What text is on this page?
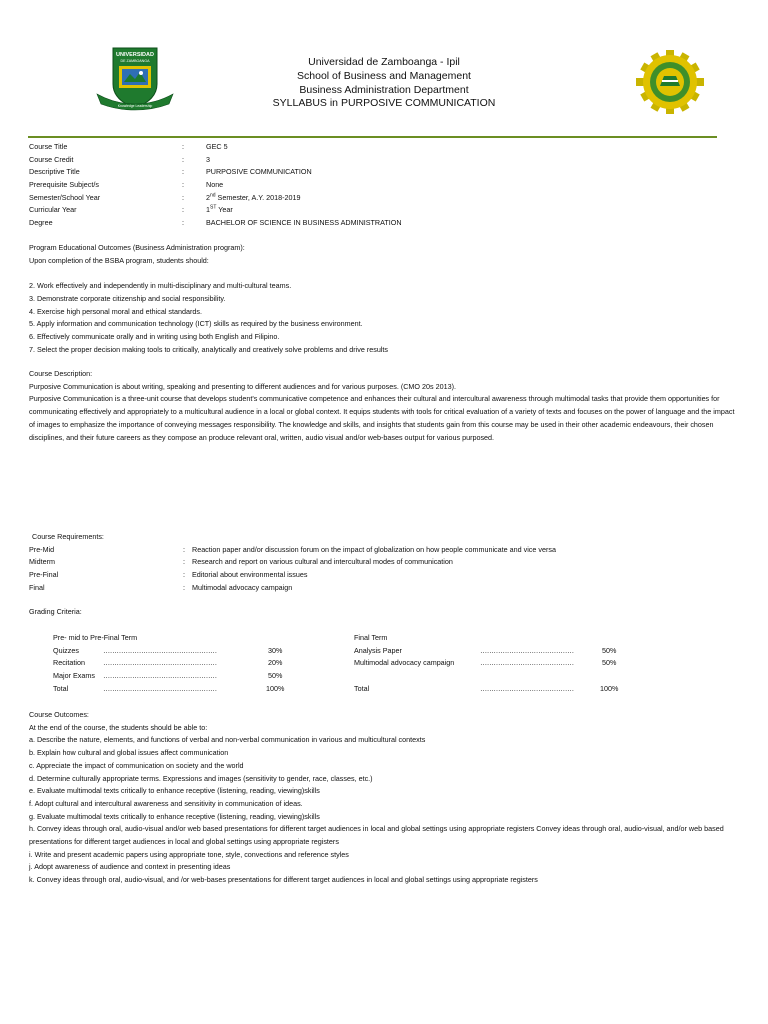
UNIVERSIDAD
DE ZAMBOANGA
Knowledge Leadership
Universidad de Zamboanga - Ipil
School of Business and Management
Business Administration Department
SYLLABUS in PURPOSIVE COMMUNICATION
Course Title	:	GEC 5
Course Credit	:	3
Descriptive Title	:	PURPOSIVE COMMUNICATION
Prerequisite Subject/s	:	None
Semester/School Year	:	2nd Semester, A.Y. 2018-2019
Curricular Year	:	1ST Year
Degree	:	BACHELOR OF SCIENCE IN BUSINESS ADMINISTRATION

Program Educational Outcomes (Business Administration program):

Upon completion of the BSBA program, students should:

2. Work effectively and independently in multi-disciplinary and multi-cultural teams.

3. Demonstrate corporate citizenship and social responsibility.

4. Exercise high personal moral and ethical standards.

5. Apply information and communication technology (ICT) skills as required by the business environment.

6. Effectively communicate orally and in writing using both English and Filipino.

7. Select the proper decision making tools to critically, analytically and creatively solve problems and drive results

Course Description:

Purposive Communication is about writing, speaking and presenting to different audiences and for various purposes. (CMO 20s 2013).

Purposive Communication is a three-unit course that develops student's communicative competence and enhances their cultural and intercultural awareness through multimodal tasks that provide them opportunities for communicating effectively and appropriately to a multicultural audience in a local or global context. It equips students with tools for critical evaluation of a variety of texts and focuses on the power of language and the impact of images to emphasize the importance of conveying messages responsibility. The knowledge and skills, and insights that students gain from this course may be used in their other academic endeavours, their chosen disciplines, and their future careers as they compose an produce relevant oral, written, audio visual and/or web-bases output for various purposed.

Course Requirements:
Pre-Mid	: Reaction paper and/or discussion forum on the impact of globalization on how people communicate and vice versa
Midterm	: Research and report on various cultural and intercultural modes of communication
Pre-Final	: Editorial about environmental issues
Final	: Multimodal advocacy campaign
Grading Criteria:
Pre- mid to Pre-Final Term
Quizzes	……………………………………………	30%
Recitation	……………………………………………	20%
Major Exams ……………………………………………	50%
Total	……………………………………………	100%
Final Term
Analysis Paper	……………………………………	50%
Multimodal advocacy campaign	……………………………………	50%
Total	……………………………………	100%

Course Outcomes:

At the end of the course, the students should be able to:

a. Describe the nature, elements, and functions of verbal and non-verbal communication in various and multicultural contexts

b. Explain how cultural and global issues affect communication

c. Appreciate the impact of communication on society and the world

d. Determine culturally appropriate terms. Expressions and images (sensitivity to gender, race, classes, etc.)

e. Evaluate multimodal texts critically to enhance receptive (listening, reading, viewing)skills

f. Adopt cultural and intercultural awareness and sensitivity in communication of ideas.

g. Evaluate multimodal texts critically to enhance receptive (listening, reading, viewing)skills

h. Convey ideas through oral, audio-visual and/or web based presentations for different target audiences in local and global settings using appropriate registers Convey ideas through oral, audio-visual, and/or web based presentations for different target audiences in local and global settings using appropriate registers

i. Write and present academic papers using appropriate tone, style, convections and reference styles

j. Adopt awareness of audience and context in presenting ideas

k. Convey ideas through oral, audio-visual, and /or web-bases presentations for different target audiences in local and global settings using appropriate registers
